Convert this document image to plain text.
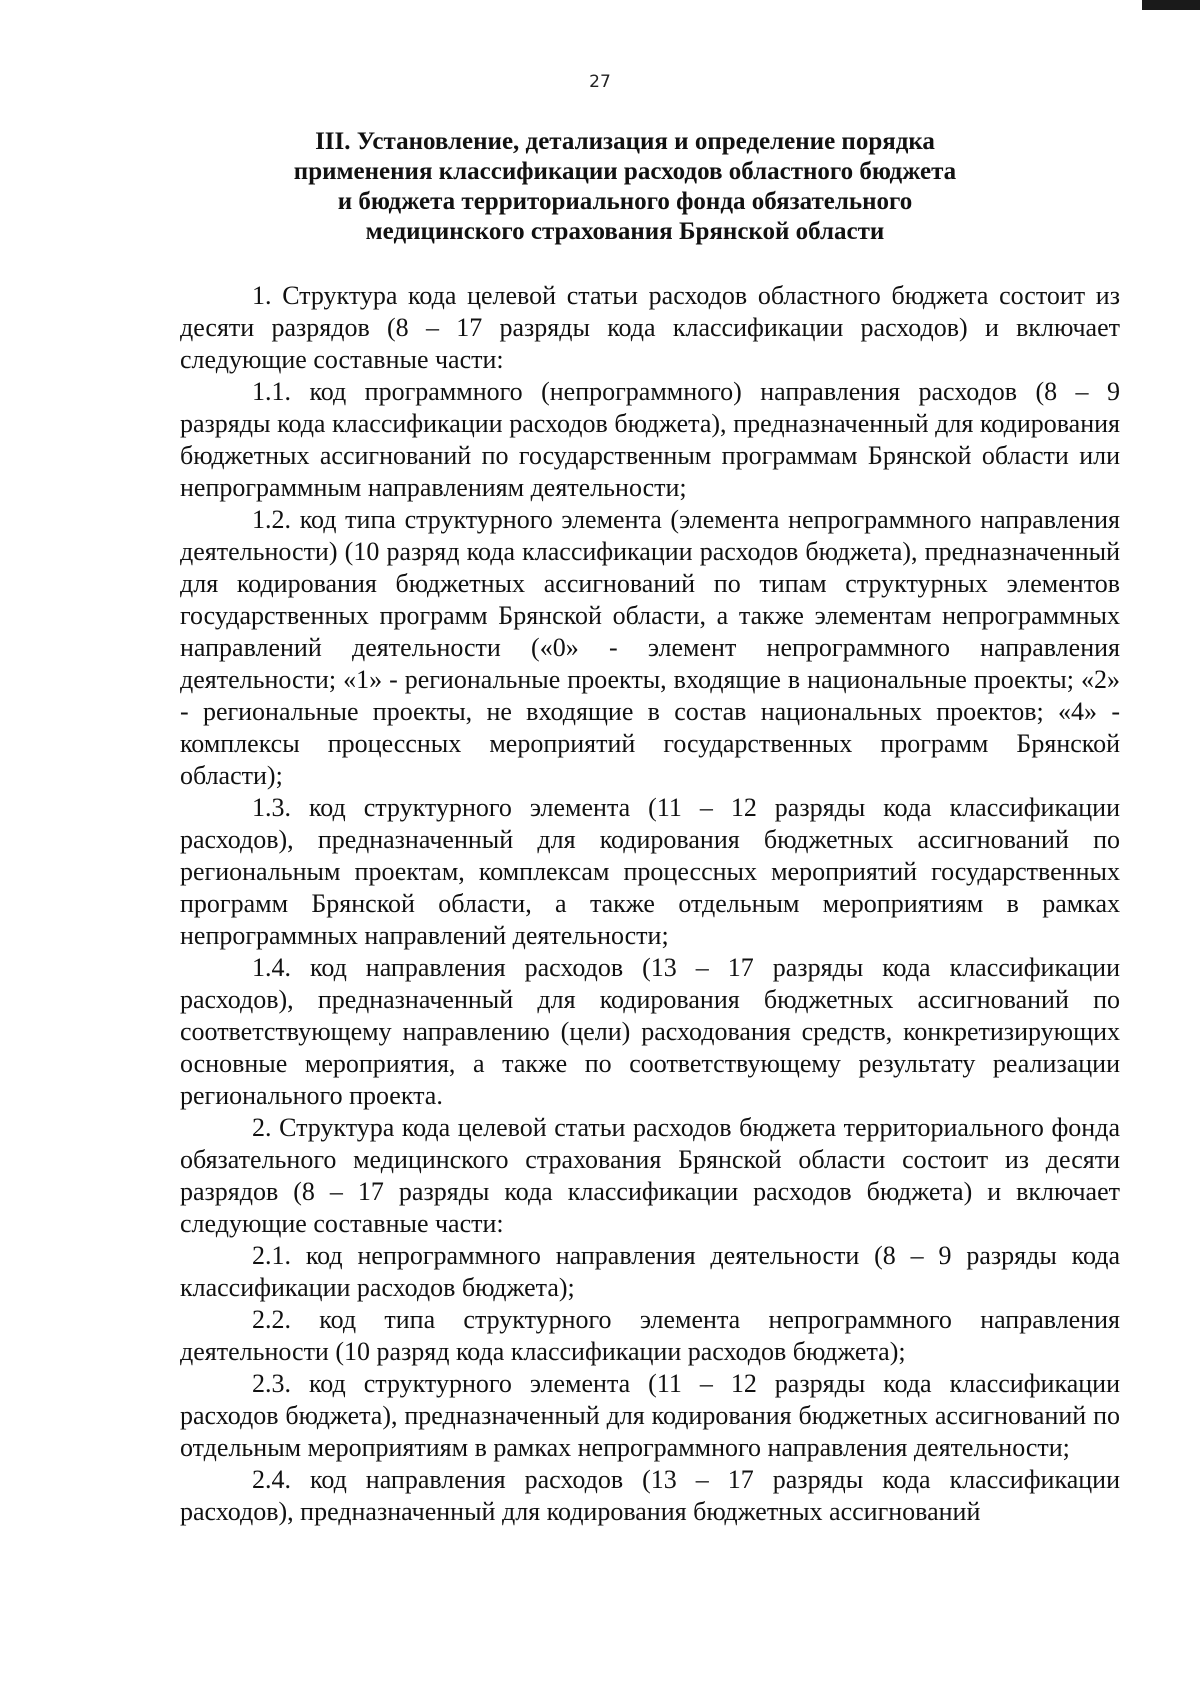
27
III. Установление, детализация и определение порядка
применения классификации расходов областного бюджета
и бюджета территориального фонда обязательного
медицинского страхования Брянской области

1. Структура кода целевой статьи расходов областного бюджета состоит из десяти разрядов (8 – 17 разряды кода классификации расходов) и включает следующие составные части:

1.1. код программного (непрограммного) направления расходов (8 – 9 разряды кода классификации расходов бюджета), предназначенный для кодирования бюджетных ассигнований по государственным программам Брянской области или непрограммным направлениям деятельности;

1.2. код типа структурного элемента (элемента непрограммного направления деятельности) (10 разряд кода классификации расходов бюджета), предназначенный для кодирования бюджетных ассигнований по типам структурных элементов государственных программ Брянской области, а также элементам непрограммных направлений деятельности («0» - элемент непрограммного направления деятельности; «1» - региональные проекты, входящие в национальные проекты; «2» - региональные проекты, не входящие в состав национальных проектов; «4» - комплексы процессных мероприятий государственных программ Брянской области);

1.3. код структурного элемента (11 – 12 разряды кода классификации расходов), предназначенный для кодирования бюджетных ассигнований по региональным проектам, комплексам процессных мероприятий государственных программ Брянской области, а также отдельным мероприятиям в рамках непрограммных направлений деятельности;

1.4. код направления расходов (13 – 17 разряды кода классификации расходов), предназначенный для кодирования бюджетных ассигнований по соответствующему направлению (цели) расходования средств, конкретизирующих основные мероприятия, а также по соответствующему результату реализации регионального проекта.

2. Структура кода целевой статьи расходов бюджета территориального фонда обязательного медицинского страхования Брянской области состоит из десяти разрядов (8 – 17 разряды кода классификации расходов бюджета) и включает следующие составные части:

2.1. код непрограммного направления деятельности (8 – 9 разряды кода классификации расходов бюджета);

2.2. код типа структурного элемента непрограммного направления деятельности (10 разряд кода классификации расходов бюджета);

2.3. код структурного элемента (11 – 12 разряды кода классификации расходов бюджета), предназначенный для кодирования бюджетных ассигнований по отдельным мероприятиям в рамках непрограммного направления деятельности;

2.4. код направления расходов (13 – 17 разряды кода классификации расходов), предназначенный для кодирования бюджетных ассигнований
